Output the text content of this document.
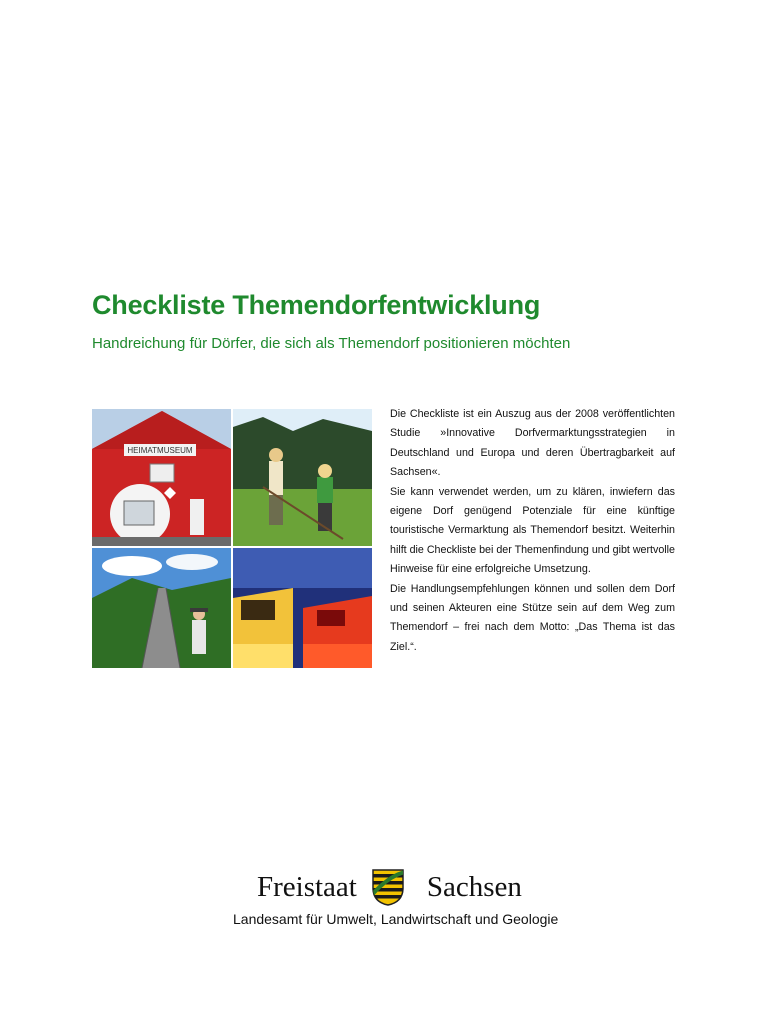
Checkliste Themendorfentwicklung
Handreichung für Dörfer, die sich als Themendorf positionieren möchten
HEIMATMUSEUM

Die Checkliste ist ein Auszug aus der 2008 veröffentlichten Studie »Innovative Dorfvermarktungsstrategien in Deutschland und Europa und deren Übertragbarkeit auf Sachsen«.

Sie kann verwendet werden, um zu klären, inwiefern das eigene Dorf genügend Potenziale für eine künftige touristische Vermarktung als Themendorf besitzt. Weiterhin hilft die Checkliste bei der Themenfindung und gibt wertvolle Hinweise für eine erfolgreiche Umsetzung.

Die Handlungsempfehlungen können und sollen dem Dorf und seinen Akteuren eine Stütze sein auf dem Weg zum Themendorf – frei nach dem Motto: „Das Thema ist das Ziel.“.

Freistaat Sachsen
Landesamt für Umwelt, Landwirtschaft und Geologie
